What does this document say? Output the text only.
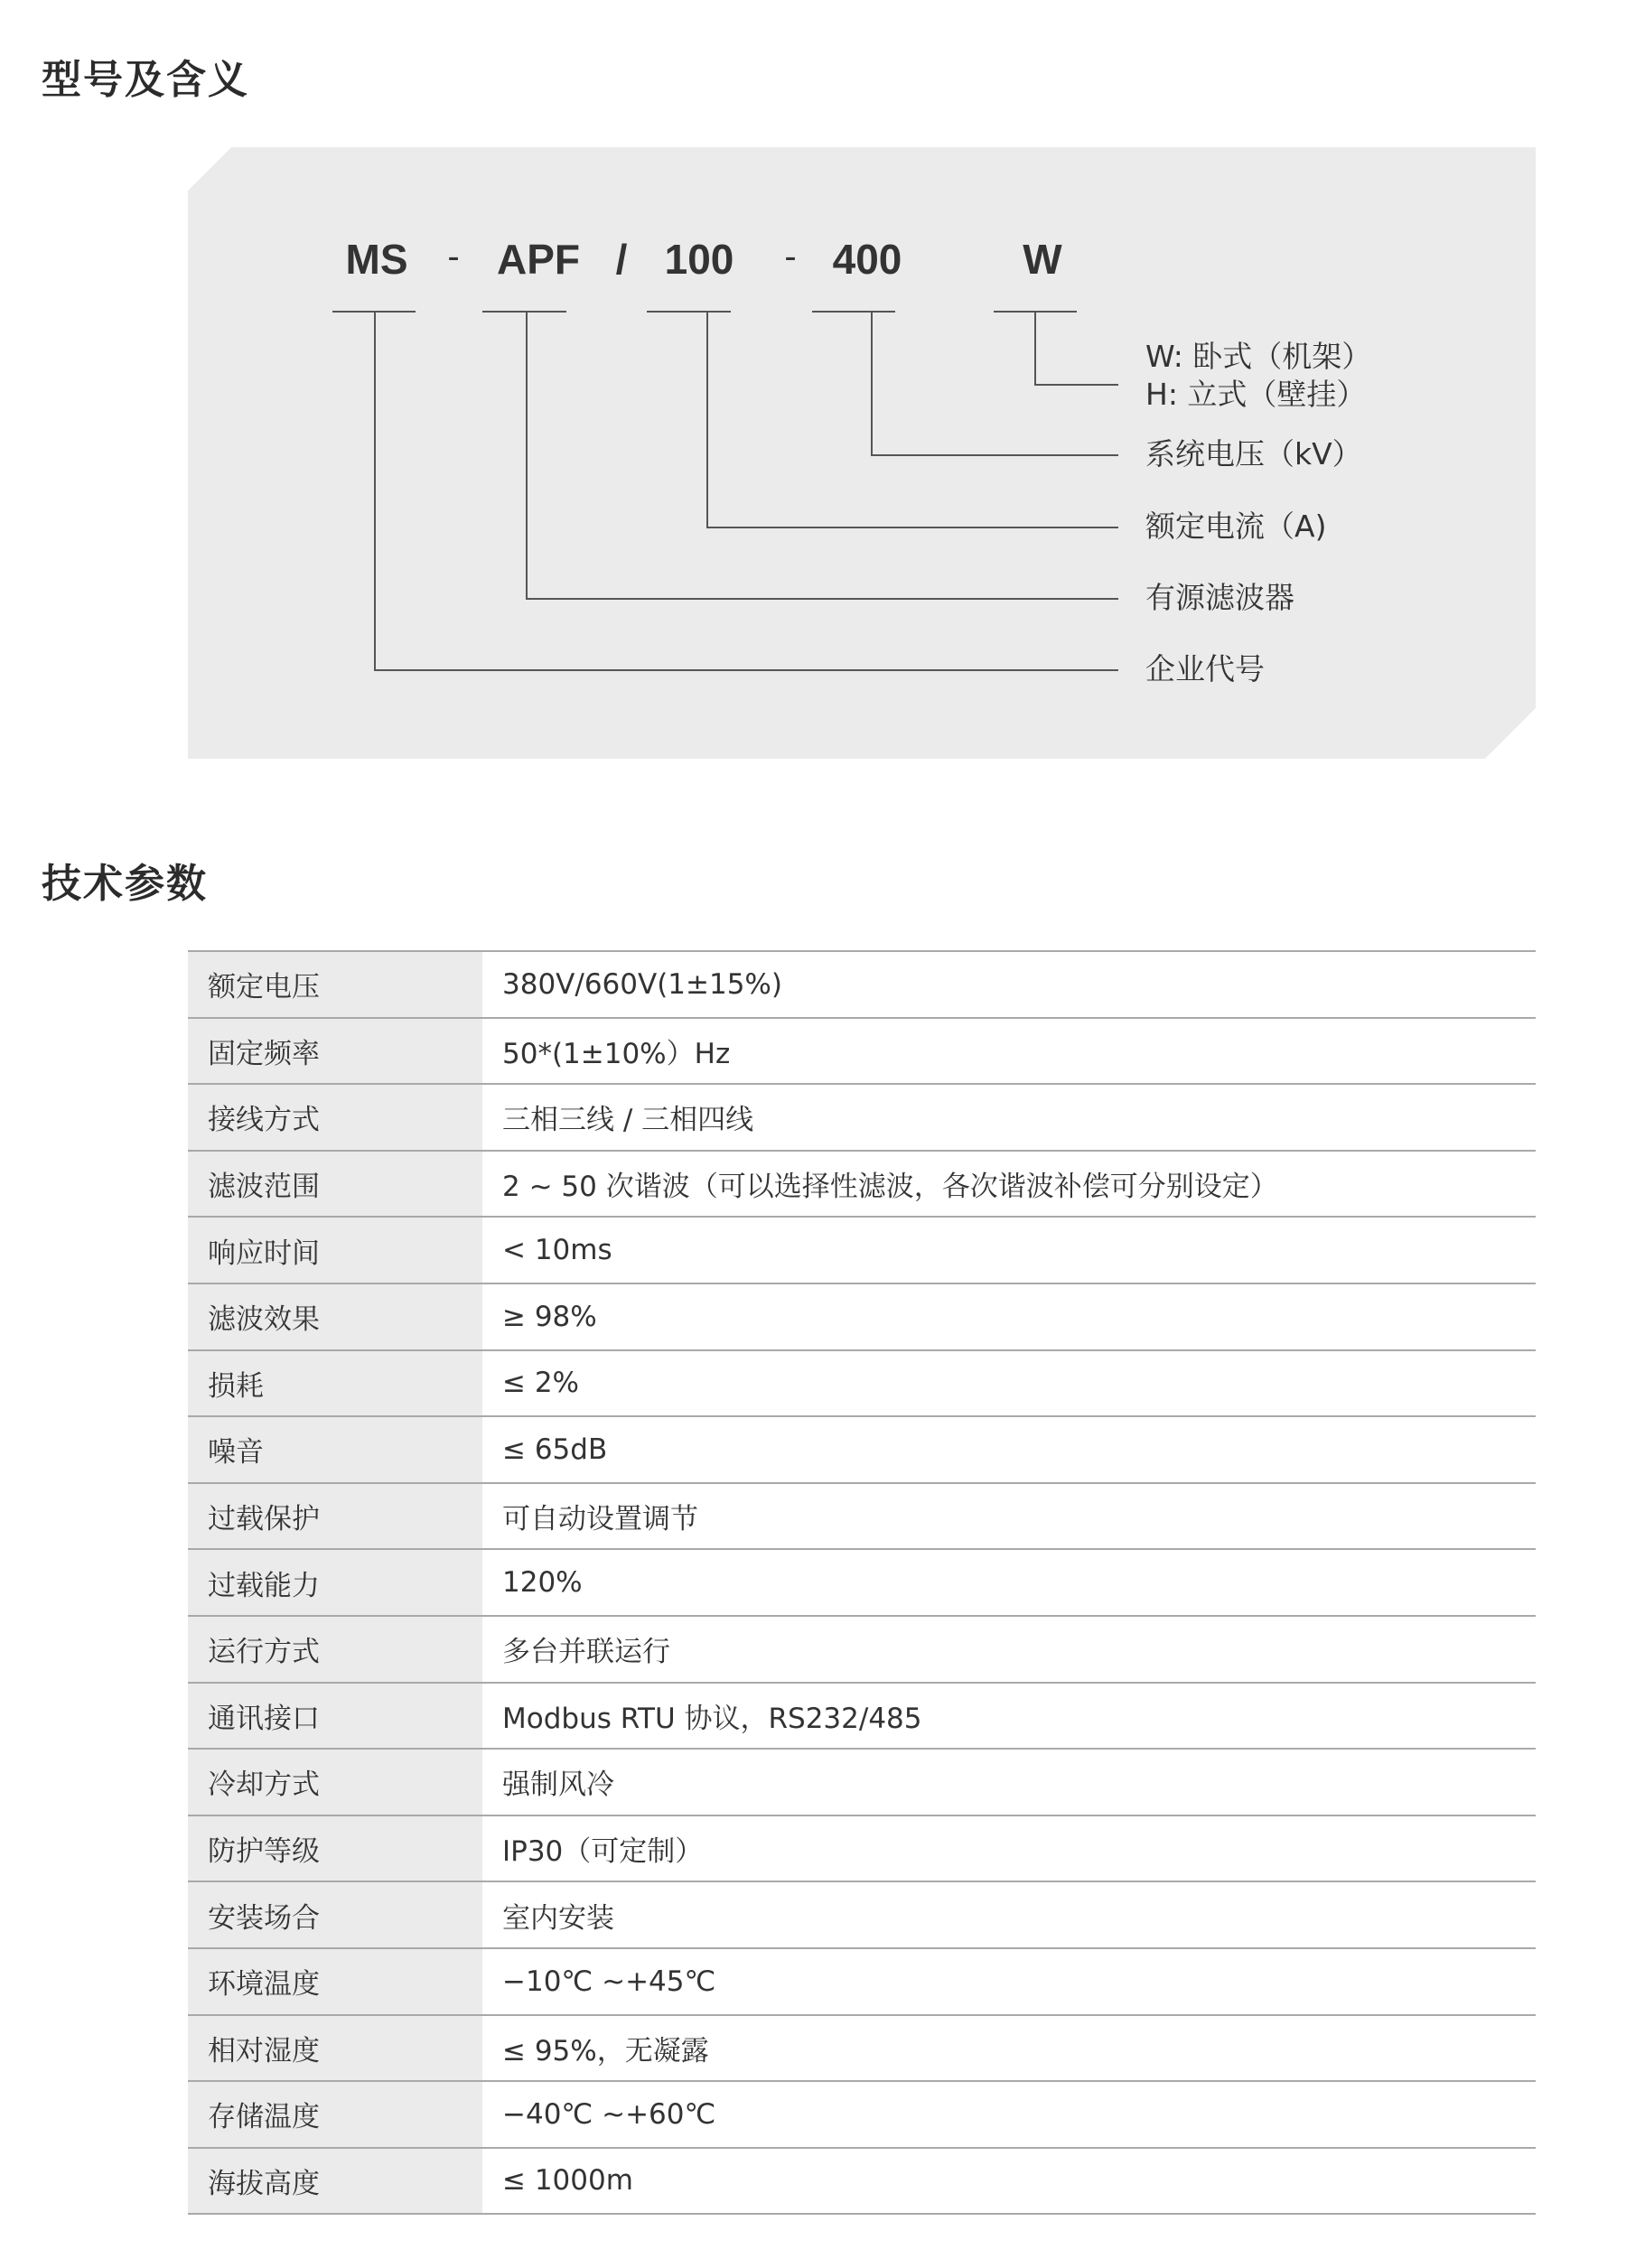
型号及含义
MS - APF / 100 - 400	W
W: 卧式（机架）
H: 立式（壁挂）
系统电压（kV）
额定电流（A)
有源滤波器
企业代号
技术参数
额定电压	380V/660V(1±15%)
固定频率	50*(1±10%）Hz
接线方式	三相三线 / 三相四线
滤波范围	2 ~ 50 次谐波（可以选择性滤波，各次谐波补偿可分别设定）
响应时间	< 10ms
滤波效果	≥ 98%
损耗	≤ 2%
噪音	≤ 65dB
过载保护	可自动设置调节
过载能力	120%
运行方式	多台并联运行
通讯接口	Modbus RTU 协议，RS232/485
冷却方式	强制风冷
防护等级	IP30（可定制）
安装场合	室内安装
环境温度	−10℃ ~+45℃
相对湿度	≤ 95%，无凝露
存储温度	−40℃ ~+60℃
海拔高度	≤ 1000m
